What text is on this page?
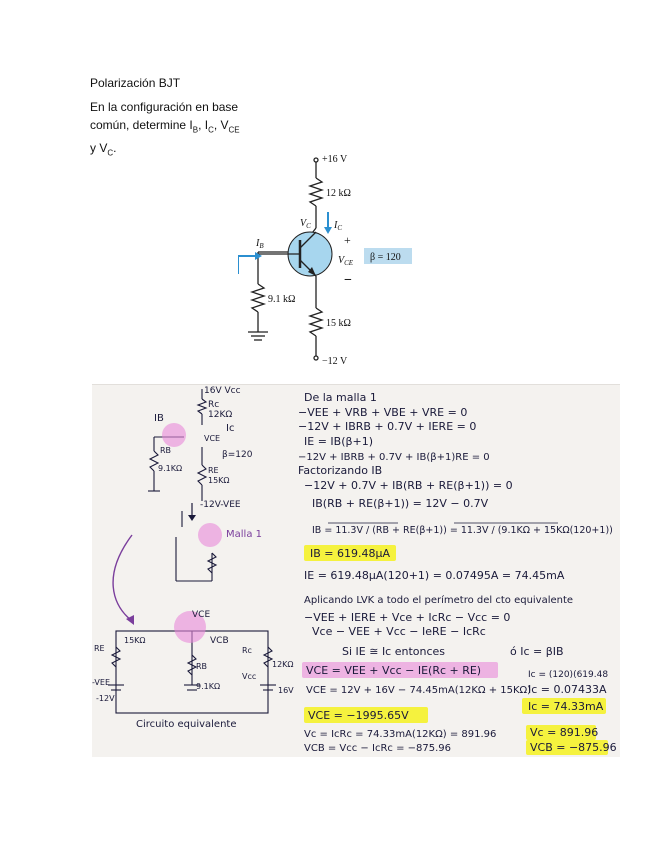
Polarización BJT
En la configuración en base
común, determine $I_B$, $I_C$, $V_{CE}$
y $V_C$.
+16 V
12 kΩ
$V_C$ $I_C$
$I_B$	+
$V_{CE}$
−
β = 120
9.1 kΩ
15 kΩ
−12 V
16V Vcc
Rc
12KΩ
IB
Ic
VCE
β=120
RB
9.1KΩ	RE
15KΩ
-12V-VEE
Malla 1
VCE
VCB
RE
15KΩ
Rc
12KΩ
RB
9.1KΩ
-VEE
-12V
16V
Vcc
Circuito equivalente
De la malla 1
−VEE + VRB + VBE + VRE = 0
−12V + IBRB + 0.7V + IERE = 0
IE = IB(β+1)
−12V + IBRB + 0.7V + IB(β+1)RE = 0
Factorizando IB
−12V + 0.7V + IB(RB + RE(β+1)) = 0
IB(RB + RE(β+1)) = 12V − 0.7V
IB = 11.3V / (RB + RE(β+1)) = 11.3V / (9.1KΩ + 15KΩ(120+1))
IB = 619.48μA
IE = 619.48μA(120+1) = 0.07495A = 74.45mA
Aplicando LVK a todo el perímetro del cto equivalente
−VEE + IERE + Vce + IcRc − Vcc = 0
Vce − VEE + Vcc − IeRE − IcRc
Si IE ≅ Ic entonces
VCE = VEE + Vcc − IE(Rc + RE)
VCE = 12V + 16V − 74.45mA(12KΩ + 15KΩ)
VCE = −1995.65V
Vc = IcRc = 74.33mA(12KΩ) = 891.96
VCB = Vcc − IcRc = −875.96
ó Ic = βIB
Ic = (120)(619.48
Ic = 0.07433A
Ic = 74.33mA
Vc = 891.96
VCB = −875.96
